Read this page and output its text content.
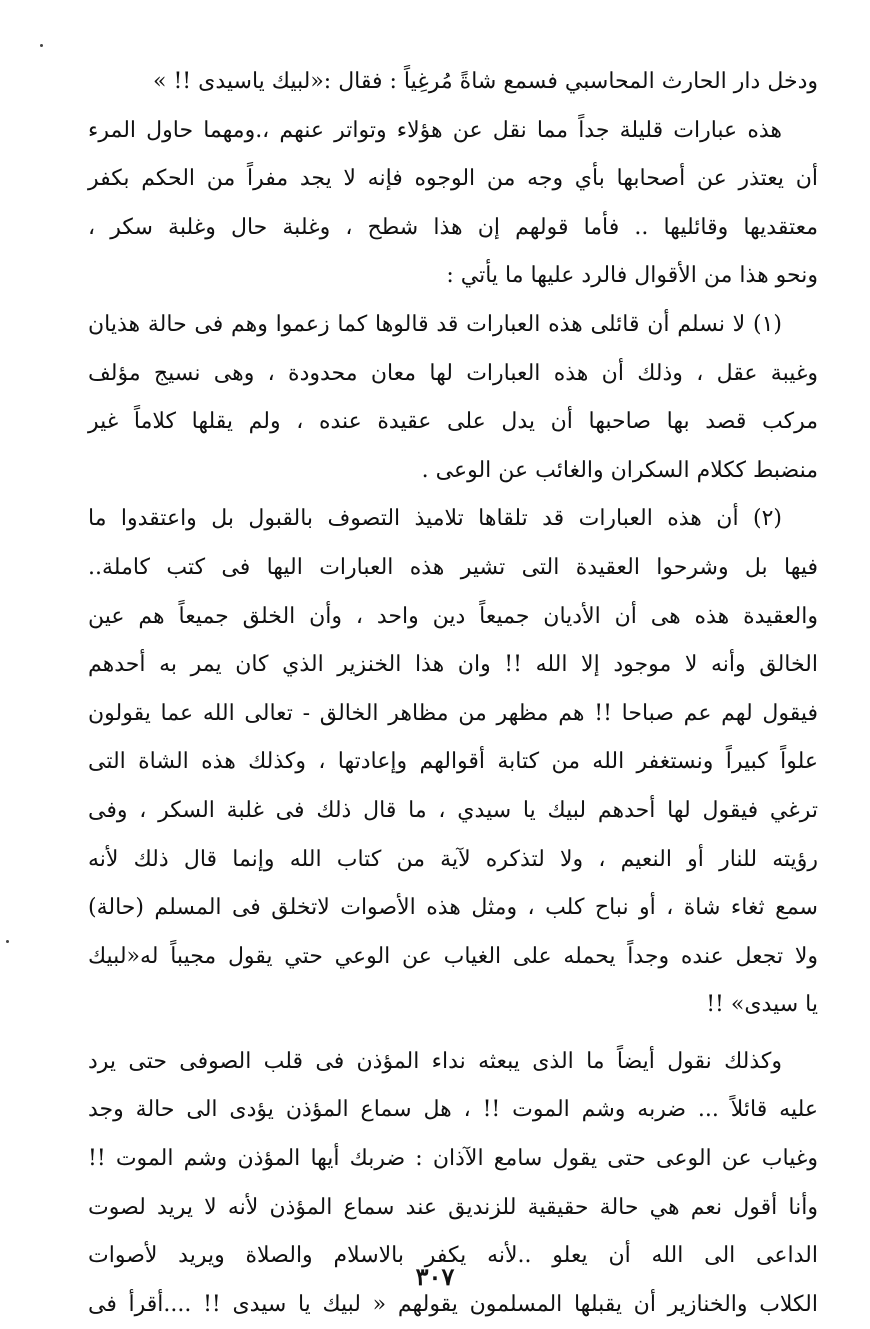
ودخل دار الحارث المحاسبي فسمع شاةً مُرغِياً : فقال :«لبيك ياسيدى !! »
هذه عبارات قليلة جداً مما نقل عن هؤلاء وتواتر عنهم ،.ومهما حاول المرء
أن يعتذر عن أصحابها بأي وجه من الوجوه فإنه لا يجد مفراً من الحكم بكفر
معتقديها وقائليها .. فأما قولهم إن هذا شطح ، وغلبة حال وغلبة سكر ،
ونحو هذا من الأقوال فالرد عليها ما يأتي :
(١) لا نسلم أن قائلى هذه العبارات قد قالوها كما زعموا وهم فى حالة هذيان
وغيبة عقل ، وذلك أن هذه العبارات لها معان محدودة ، وهى نسيج مؤلف
مركب قصد بها صاحبها أن يدل على عقيدة عنده ، ولم يقلها كلاماً غير
منضبط ككلام السكران والغائب عن الوعى .
(٢) أن هذه العبارات قد تلقاها تلاميذ التصوف بالقبول بل واعتقدوا ما
فيها بل وشرحوا العقيدة التى تشير هذه العبارات اليها فى كتب كاملة..
والعقيدة هذه هى أن الأديان جميعاً دين واحد ، وأن الخلق جميعاً هم عين
الخالق وأنه لا موجود إلا الله !! وان هذا الخنزير الذي كان يمر به أحدهم
فيقول لهم عم صباحا !! هم مظهر من مظاهر الخالق - تعالى الله عما يقولون
علواً كبيراً ونستغفر الله من كتابة أقوالهم وإعادتها ، وكذلك هذه الشاة التى
ترغي فيقول لها أحدهم لبيك يا سيدي ، ما قال ذلك فى غلبة السكر ، وفى
رؤيته للنار أو النعيم ، ولا لتذكره لآية من كتاب الله وإنما قال ذلك لأنه
سمع ثغاء شاة ، أو نباح كلب ، ومثل هذه الأصوات لاتخلق فى المسلم (حالة)
ولا تجعل عنده وجداً يحمله على الغياب عن الوعي حتي يقول مجيباً له«لبيك
يا سيدى» !!
وكذلك نقول أيضاً ما الذى يبعثه نداء المؤذن فى قلب الصوفى حتى يرد
عليه قائلاً ... ضربه وشم الموت !! ، هل سماع المؤذن يؤدى الى حالة وجد
وغياب عن الوعى حتى يقول سامع الآذان : ضربك أيها المؤذن وشم الموت !!
وأنا أقول نعم هي حالة حقيقية للزنديق عند سماع المؤذن لأنه لا يريد لصوت
الداعى الى الله أن يعلو ..لأنه يكفر بالاسلام والصلاة ويريد لأصوات
الكلاب والخنازير أن يقبلها المسلمون يقولهم « لبيك يا سيدى !! ....أقرأ فى
٣٠٧
